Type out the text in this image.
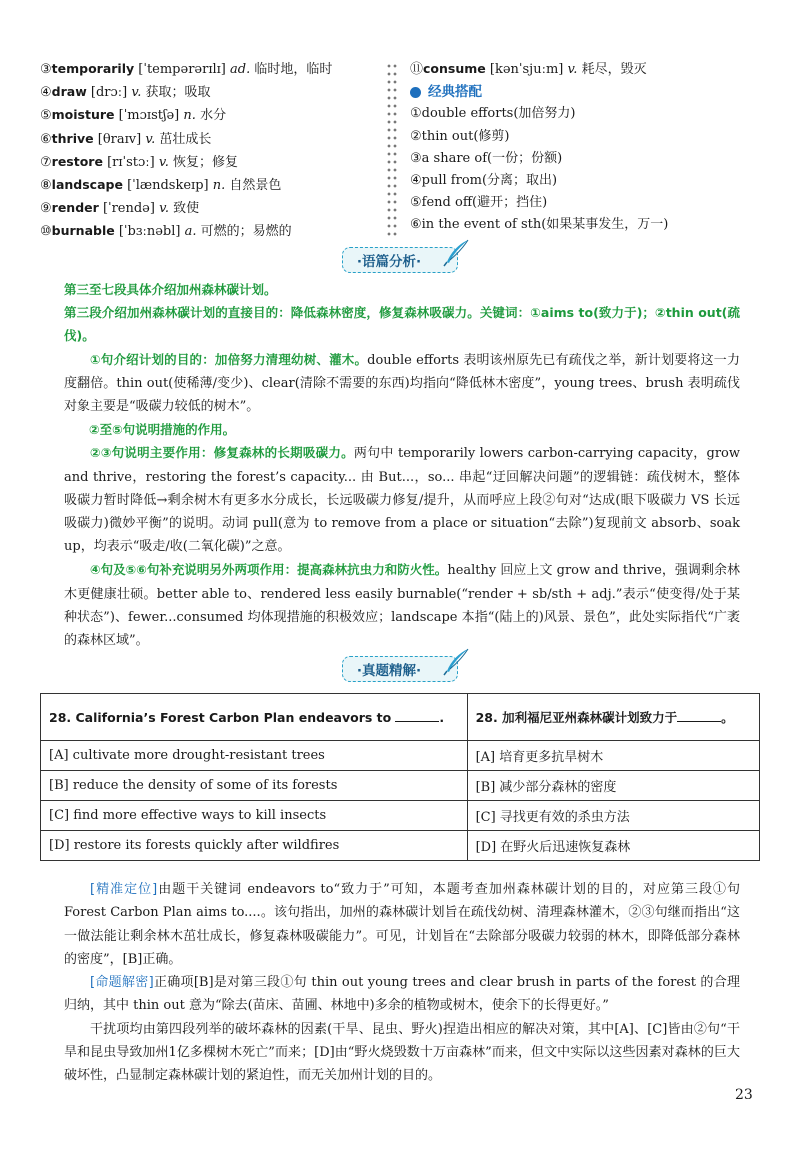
③temporarily [ˈtempərərɪlɪ] ad. 临时地，临时
④draw [drɔː] v. 获取；吸取
⑤moisture [ˈmɔɪstʃə] n. 水分
⑥thrive [θraɪv] v. 茁壮成长
⑦restore [rɪˈstɔː] v. 恢复；修复
⑧landscape [ˈlændskeɪp] n. 自然景色
⑨render [ˈrendə] v. 致使
⑩burnable [ˈbɜːnəbl] a. 可燃的；易燃的
⑪consume [kənˈsjuːm] v. 耗尽，毁灭
经典搭配
①double efforts(加倍努力)
②thin out(修剪)
③a share of(一份；份额)
④pull from(分离；取出)
⑤fend off(避开；挡住)
⑥in the event of sth(如果某事发生，万一)
·语篇分析·

第三至七段具体介绍加州森林碳计划。

第三段介绍加州森林碳计划的直接目的：降低森林密度，修复森林吸碳力。关键词：①aims to(致力于)；②thin out(疏伐)。

①句介绍计划的目的：加倍努力清理幼树、灌木。double efforts 表明该州原先已有疏伐之举，新计划要将这一力度翻倍。thin out(使稀薄/变少)、clear(清除不需要的东西)均指向“降低林木密度”，young trees、brush 表明疏伐对象主要是“吸碳力较低的树木”。

②至⑤句说明措施的作用。

②③句说明主要作用：修复森林的长期吸碳力。两句中 temporarily lowers carbon-carrying capacity，grow and thrive，restoring the forest’s capacity... 由 But...，so... 串起“迂回解决问题”的逻辑链：疏伐树木，整体吸碳力暂时降低→剩余树木有更多水分成长，长远吸碳力修复/提升，从而呼应上段②句对“达成(眼下吸碳力 VS 长远吸碳力)微妙平衡”的说明。动词 pull(意为 to remove from a place or situation“去除”)复现前文 absorb、soak up，均表示“吸走/收(二氧化碳)”之意。

④句及⑤⑥句补充说明另外两项作用：提高森林抗虫力和防火性。healthy 回应上文 grow and thrive，强调剩余林木更健康壮硕。better able to、rendered less easily burnable(“render + sb/sth + adj.”表示“使变得/处于某种状态”)、fewer...consumed 均体现措施的积极效应；landscape 本指“(陆上的)风景、景色”，此处实际指代“广袤的森林区域”。

·真题精解·
28. California’s Forest Carbon Plan endeavors to .	28. 加利福尼亚州森林碳计划致力于 。
[A] cultivate more drought-resistant trees	[A] 培育更多抗旱树木
[B] reduce the density of some of its forests	[B] 减少部分森林的密度
[C] find more effective ways to kill insects	[C] 寻找更有效的杀虫方法
[D] restore its forests quickly after wildfires	[D] 在野火后迅速恢复森林

[精准定位]由题干关键词 endeavors to“致力于”可知，本题考查加州森林碳计划的目的，对应第三段①句 Forest Carbon Plan aims to....。该句指出，加州的森林碳计划旨在疏伐幼树、清理森林灌木，②③句继而指出“这一做法能让剩余林木茁壮成长，修复森林吸碳能力”。可见，计划旨在“去除部分吸碳力较弱的林木，即降低部分森林的密度”，[B]正确。

[命题解密]正确项[B]是对第三段①句 thin out young trees and clear brush in parts of the forest 的合理归纳，其中 thin out 意为“除去(苗床、苗圃、林地中)多余的植物或树木，使余下的长得更好。”

干扰项均由第四段列举的破坏森林的因素(干旱、昆虫、野火)捏造出相应的解决对策，其中[A]、[C]皆由②句“干旱和昆虫导致加州1亿多棵树木死亡”而来；[D]由“野火烧毁数十万亩森林”而来，但文中实际以这些因素对森林的巨大破坏性，凸显制定森林碳计划的紧迫性，而无关加州计划的目的。

23
